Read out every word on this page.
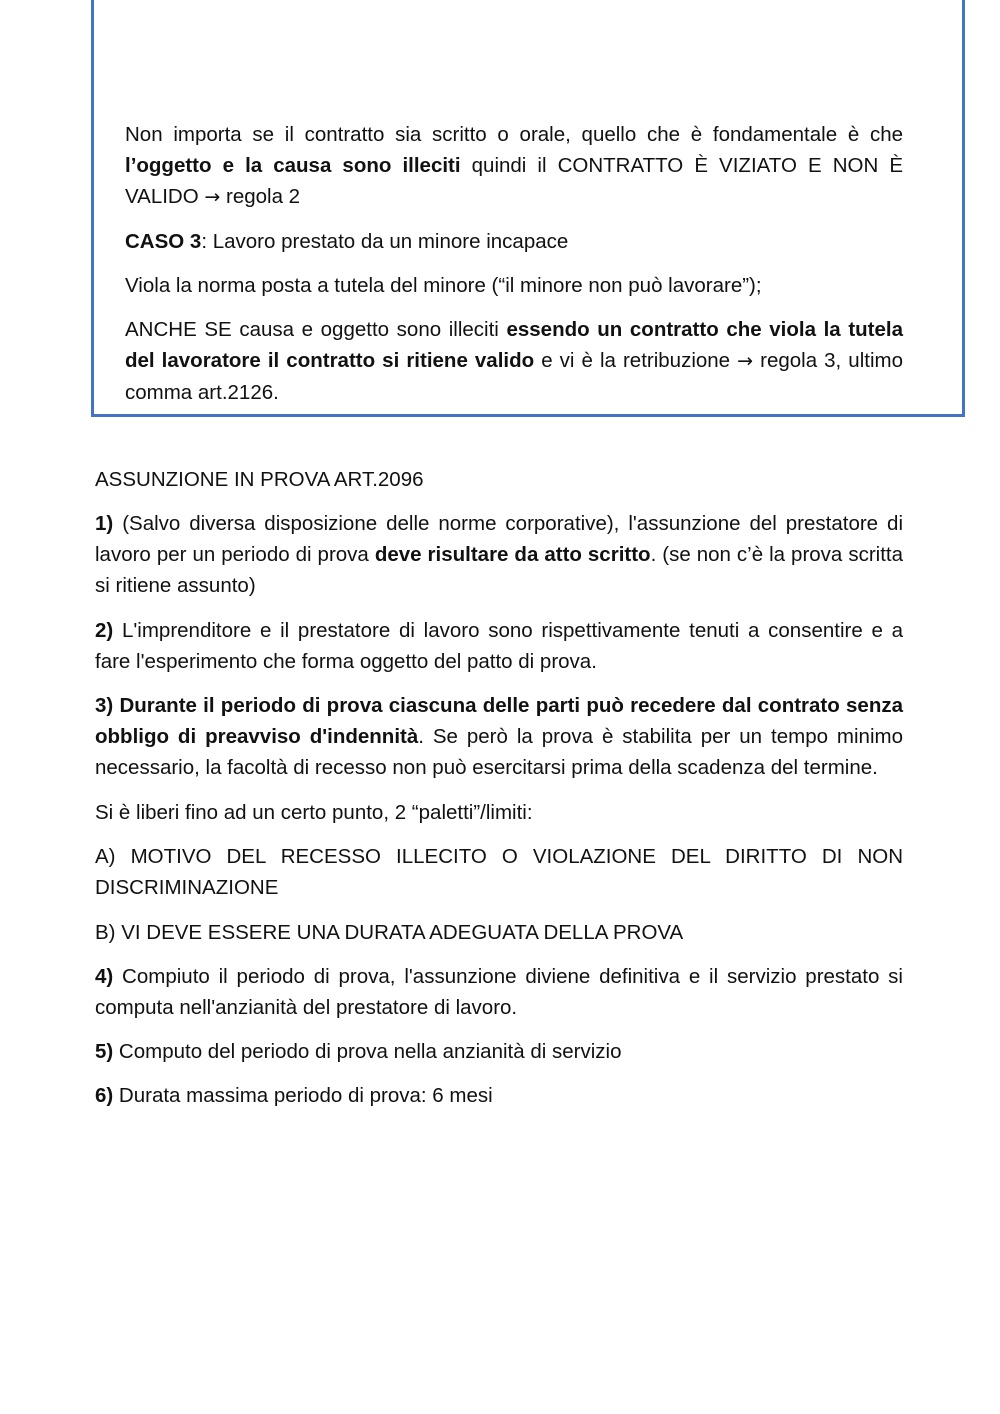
Non importa se il contratto sia scritto o orale, quello che è fondamentale è che l’oggetto e la causa sono illeciti quindi il CONTRATTO È VIZIATO E NON È VALIDO → regola 2

CASO 3: Lavoro prestato da un minore incapace

Viola la norma posta a tutela del minore (“il minore non può lavorare”);

ANCHE SE causa e oggetto sono illeciti essendo un contratto che viola la tutela del lavoratore il contratto si ritiene valido e vi è la retribuzione → regola 3, ultimo comma art.2126.

ASSUNZIONE IN PROVA ART.2096

1) (Salvo diversa disposizione delle norme corporative), l'assunzione del prestatore di lavoro per un periodo di prova deve risultare da atto scritto. (se non c’è la prova scritta si ritiene assunto)

2) L'imprenditore e il prestatore di lavoro sono rispettivamente tenuti a consentire e a fare l'esperimento che forma oggetto del patto di prova.

3) Durante il periodo di prova ciascuna delle parti può recedere dal contrato senza obbligo di preavviso d'indennità. Se però la prova è stabilita per un tempo minimo necessario, la facoltà di recesso non può esercitarsi prima della scadenza del termine.

Si è liberi fino ad un certo punto, 2 “paletti”/limiti:

A) MOTIVO DEL RECESSO ILLECITO O VIOLAZIONE DEL DIRITTO DI NON DISCRIMINAZIONE

B) VI DEVE ESSERE UNA DURATA ADEGUATA DELLA PROVA

4) Compiuto il periodo di prova, l'assunzione diviene definitiva e il servizio prestato si computa nell'anzianità del prestatore di lavoro.

5) Computo del periodo di prova nella anzianità di servizio

6) Durata massima periodo di prova: 6 mesi
